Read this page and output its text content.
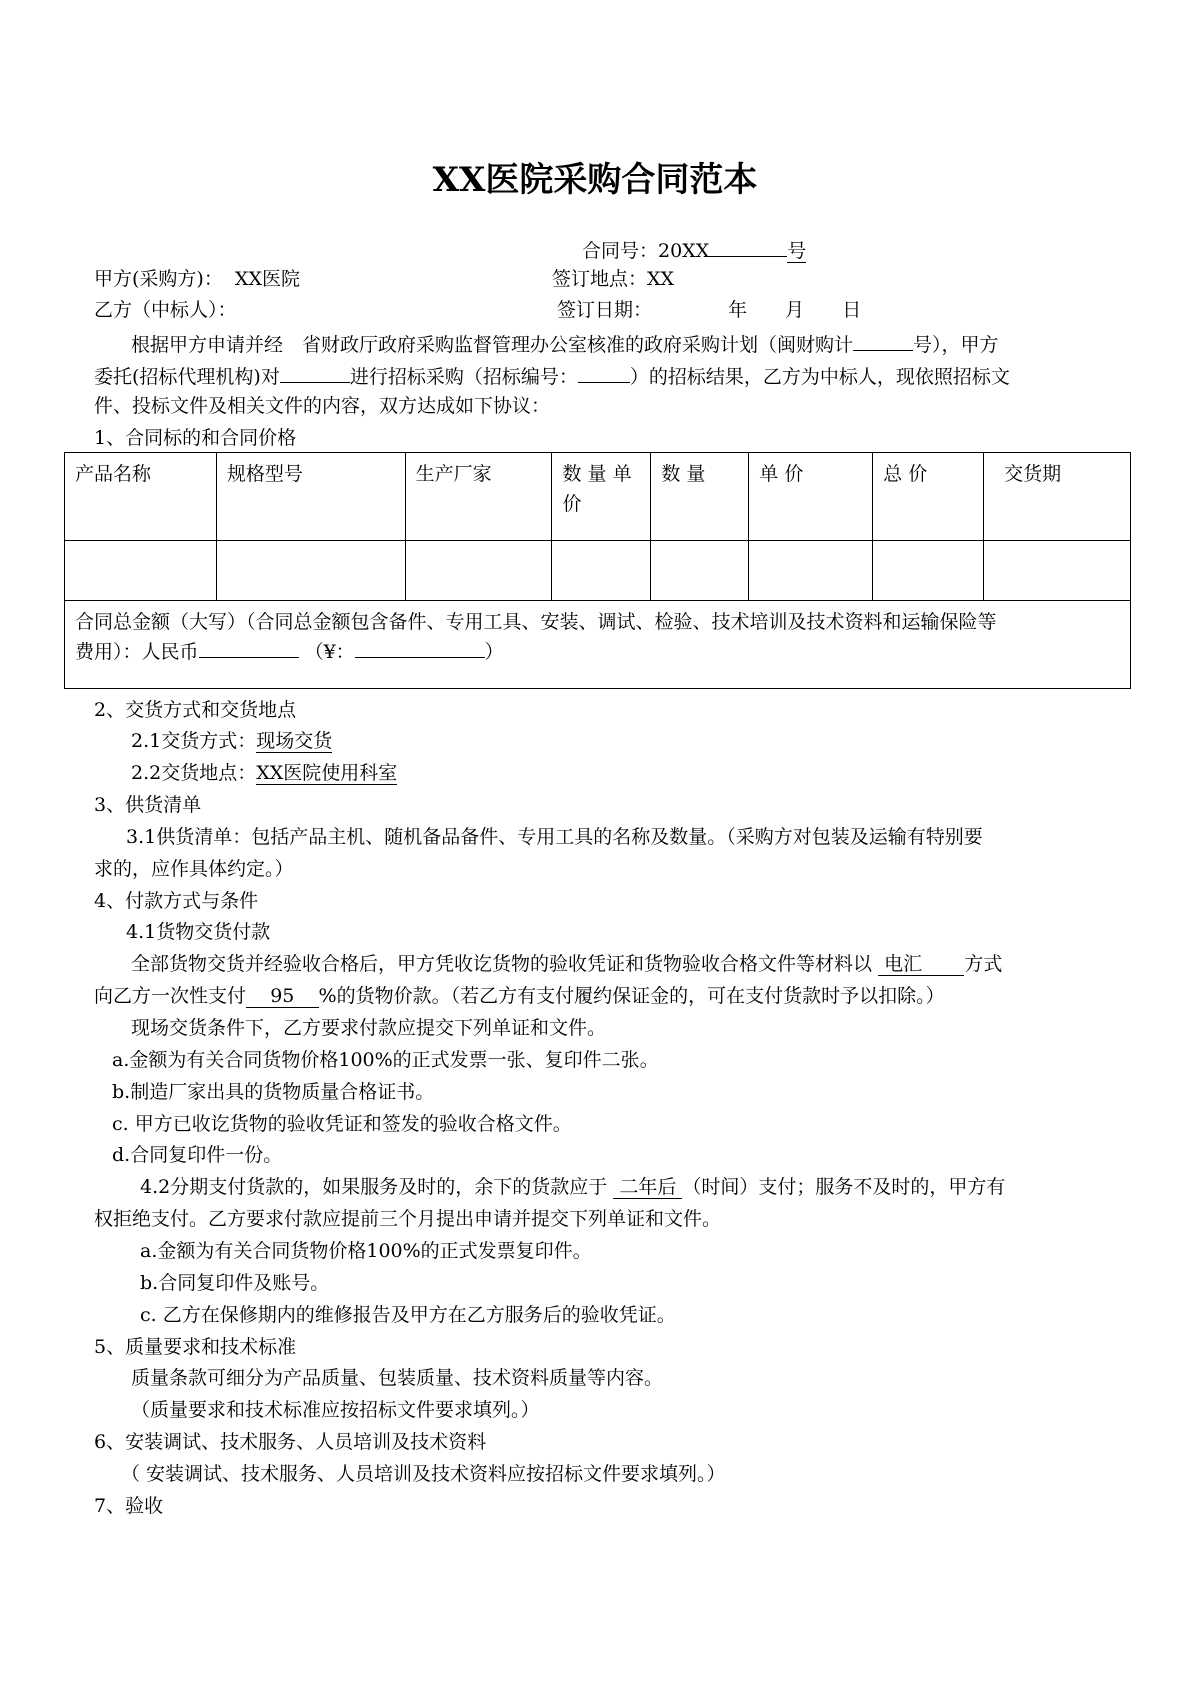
XX医院采购合同范本
合同号：20XX	号
甲方(采购方)： XX医院	签订地点：XX
乙方（中标人）：	签订日期：	年 月 日
根据甲方申请并经　省财政厅政府采购监督管理办公室核准的政府采购计划（闽财购计	号），甲方
委托(招标代理机构)对	进行招标采购（招标编号：	）的招标结果，乙方为中标人，现依照招标文
件、投标文件及相关文件的内容，双方达成如下协议：
1、合同标的和合同价格
产品名称	规格型号	生产厂家	数 量 单 价	数 量	单 价	总 价	交货期

合同总金额（大写）（合同总金额包含备件、专用工具、安装、调试、检验、技术培训及技术资料和运输保险等
费用）：人民币 （¥： ）							
2、交货方式和交货地点
2.1交货方式：现场交货
2.2交货地点：XX医院使用科室
3、供货清单
3.1供货清单：包括产品主机、随机备品备件、专用工具的名称及数量。（采购方对包装及运输有特别要
求的，应作具体约定。）
4、付款方式与条件
4.1货物交货付款
全部货物交货并经验收合格后，甲方凭收讫货物的验收凭证和货物验收合格文件等材料以 电汇 方式
向乙方一次性支付 95 %的货物价款。（若乙方有支付履约保证金的，可在支付货款时予以扣除。）
现场交货条件下，乙方要求付款应提交下列单证和文件。
a.金额为有关合同货物价格100%的正式发票一张、复印件二张。
b.制造厂家出具的货物质量合格证书。
c. 甲方已收讫货物的验收凭证和签发的验收合格文件。
d.合同复印件一份。
4.2分期支付货款的，如果服务及时的，余下的货款应于 二年后 （时间）支付；服务不及时的，甲方有
权拒绝支付。乙方要求付款应提前三个月提出申请并提交下列单证和文件。
a.金额为有关合同货物价格100%的正式发票复印件。
b.合同复印件及账号。
c. 乙方在保修期内的维修报告及甲方在乙方服务后的验收凭证。
5、质量要求和技术标准
质量条款可细分为产品质量、包装质量、技术资料质量等内容。
（质量要求和技术标准应按招标文件要求填列。）
6、安装调试、技术服务、人员培训及技术资料
（ 安装调试、技术服务、人员培训及技术资料应按招标文件要求填列。）
7、验收
